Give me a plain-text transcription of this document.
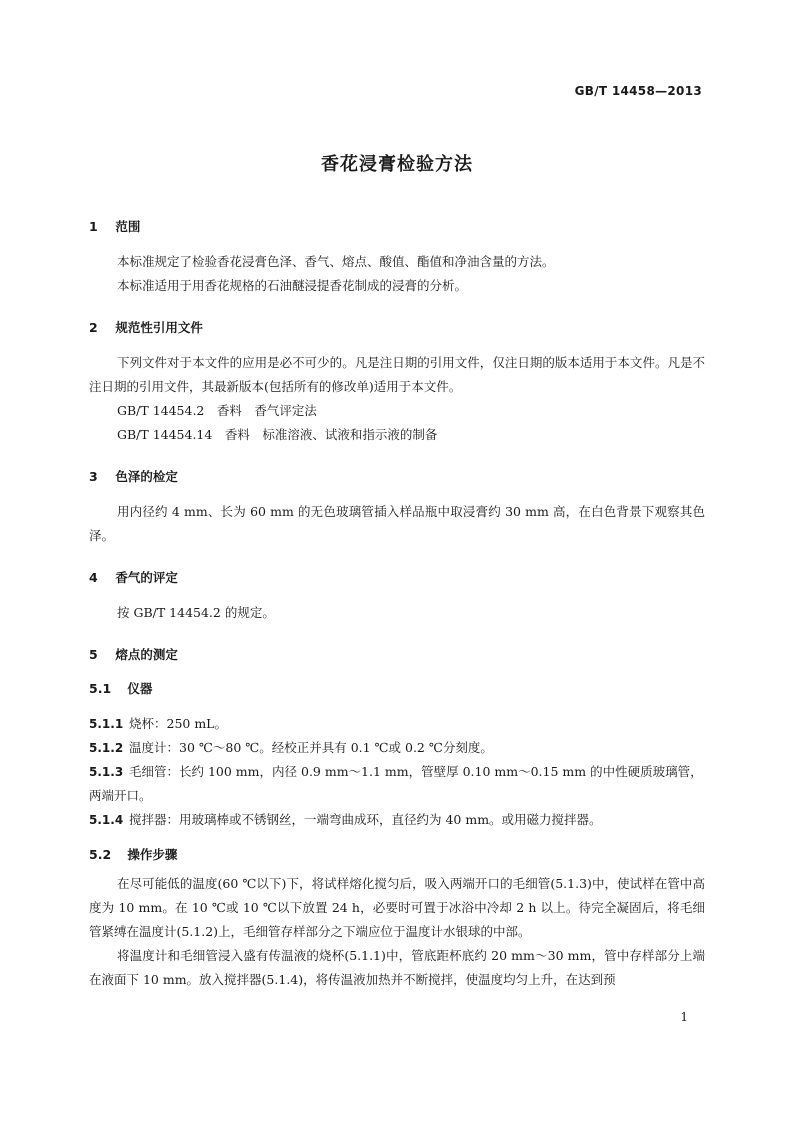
GB/T 14458—2013
香花浸膏检验方法
1 范围

本标准规定了检验香花浸膏色泽、香气、熔点、酸值、酯值和净油含量的方法。

本标准适用于用香花规格的石油醚浸提香花制成的浸膏的分析。

2 规范性引用文件

下列文件对于本文件的应用是必不可少的。凡是注日期的引用文件，仅注日期的版本适用于本文件。凡是不注日期的引用文件，其最新版本(包括所有的修改单)适用于本文件。

GB/T 14454.2　香料　香气评定法

GB/T 14454.14　香料　标准溶液、试液和指示液的制备

3 色泽的检定

用内径约 4 mm、长为 60 mm 的无色玻璃管插入样品瓶中取浸膏约 30 mm 高，在白色背景下观察其色泽。

4 香气的评定

按 GB/T 14454.2 的规定。

5 熔点的测定
5.1 仪器

5.1.1 烧杯：250 mL。

5.1.2 温度计：30 ℃～80 ℃。经校正并具有 0.1 ℃或 0.2 ℃分刻度。

5.1.3 毛细管：长约 100 mm，内径 0.9 mm～1.1 mm，管壁厚 0.10 mm～0.15 mm 的中性硬质玻璃管，两端开口。

5.1.4 搅拌器：用玻璃棒或不锈钢丝，一端弯曲成环，直径约为 40 mm。或用磁力搅拌器。

5.2 操作步骤

在尽可能低的温度(60 ℃以下)下，将试样熔化搅匀后，吸入两端开口的毛细管(5.1.3)中，使试样在管中高度为 10 mm。在 10 ℃或 10 ℃以下放置 24 h，必要时可置于冰浴中冷却 2 h 以上。待完全凝固后，将毛细管紧缚在温度计(5.1.2)上，毛细管存样部分之下端应位于温度计水银球的中部。

将温度计和毛细管浸入盛有传温液的烧杯(5.1.1)中，管底距杯底约 20 mm～30 mm，管中存样部分上端在液面下 10 mm。放入搅拌器(5.1.4)，将传温液加热并不断搅拌，使温度均匀上升，在达到预

1
